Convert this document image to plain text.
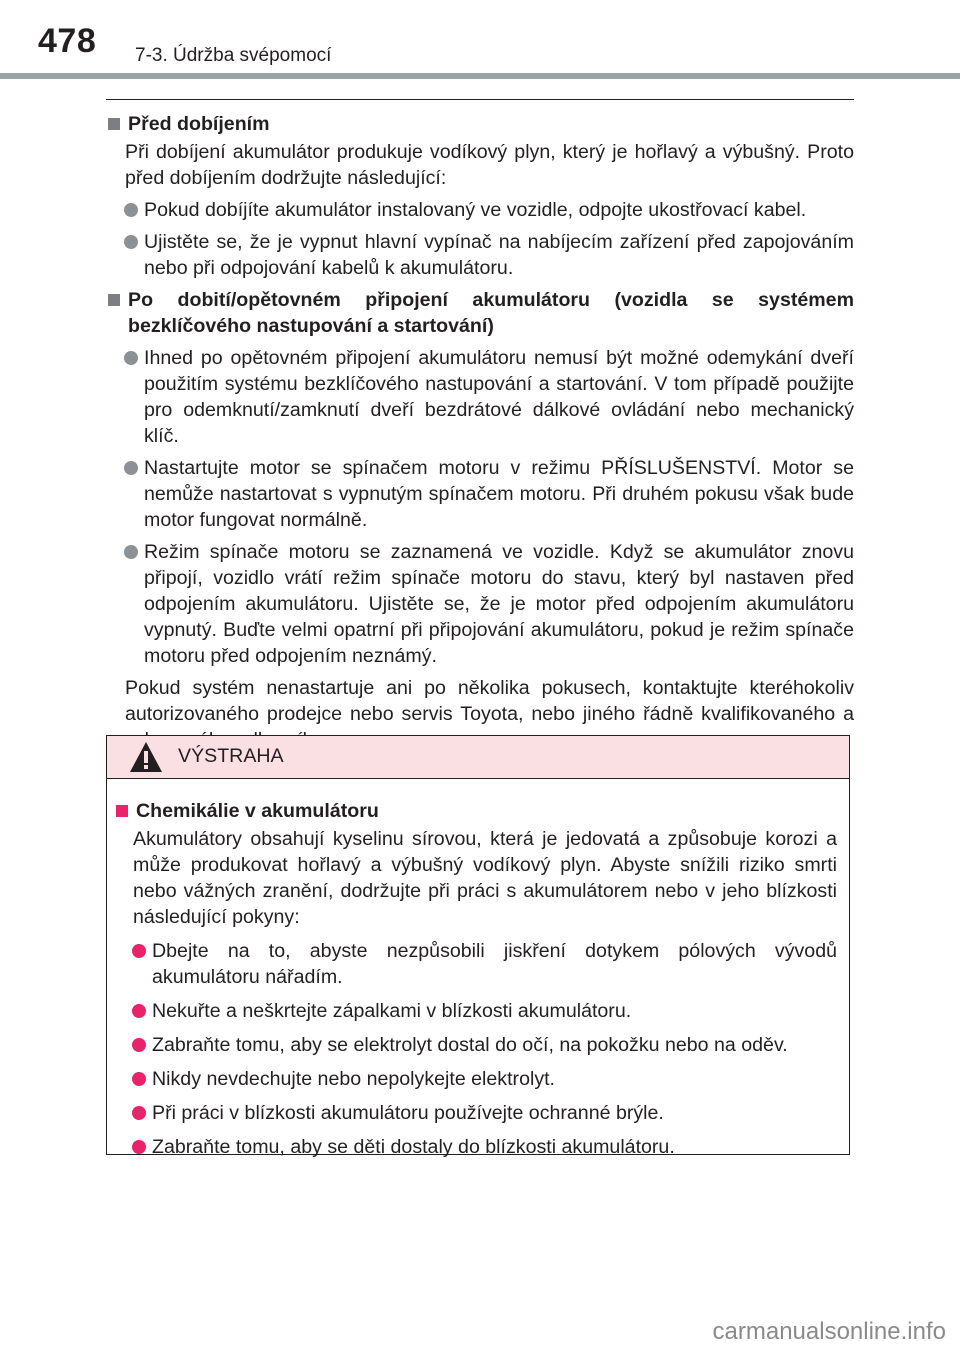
478 7-3. Údržba svépomocí
Před dobíjením
Při dobíjení akumulátor produkuje vodíkový plyn, který je hořlavý a výbušný. Proto před dobíjením dodržujte následující:
Pokud dobíjíte akumulátor instalovaný ve vozidle, odpojte ukostřovací kabel.
Ujistěte se, že je vypnut hlavní vypínač na nabíjecím zařízení před zapojováním nebo při odpojování kabelů k akumulátoru.
Po dobití/opětovném připojení akumulátoru (vozidla se systémem bezklíčového nastupování a startování)
Ihned po opětovném připojení akumulátoru nemusí být možné odemykání dveří použitím systému bezklíčového nastupování a startování. V tom případě použijte pro odemknutí/zamknutí dveří bezdrátové dálkové ovládání nebo mechanický klíč.
Nastartujte motor se spínačem motoru v režimu PŘÍSLUŠENSTVÍ. Motor se nemůže nastartovat s vypnutým spínačem motoru. Při druhém pokusu však bude motor fungovat normálně.
Režim spínače motoru se zaznamená ve vozidle. Když se akumulátor znovu připojí, vozidlo vrátí režim spínače motoru do stavu, který byl nastaven před odpojením akumulátoru. Ujistěte se, že je motor před odpojením akumulátoru vypnutý. Buďte velmi opatrní při připojování akumulátoru, pokud je režim spínače motoru před odpojením neznámý.
Pokud systém nenastartuje ani po několika pokusech, kontaktujte kteréhokoliv autorizovaného prodejce nebo servis Toyota, nebo jiného řádně kvalifikovaného a
VÝSTRAHA
Chemikálie v akumulátoru
Akumulátory obsahují kyselinu sírovou, která je jedovatá a způsobuje korozi a může produkovat hořlavý a výbušný vodíkový plyn. Abyste snížili riziko smrti nebo vážných zranění, dodržujte při práci s akumulátorem nebo v jeho blízkosti následující pokyny:
Dbejte na to, abyste nezpůsobili jiskření dotykem pólových vývodů akumulátoru nářadím.
Nekuřte a neškrtejte zápalkami v blízkosti akumulátoru.
Zabraňte tomu, aby se elektrolyt dostal do očí, na pokožku nebo na oděv.
Nikdy nevdechujte nebo nepolykejte elektrolyt.
Při práci v blízkosti akumulátoru používejte ochranné brýle.
Zabraňte tomu, aby se děti dostaly do blízkosti akumulátoru.
carmanualsonline.info
